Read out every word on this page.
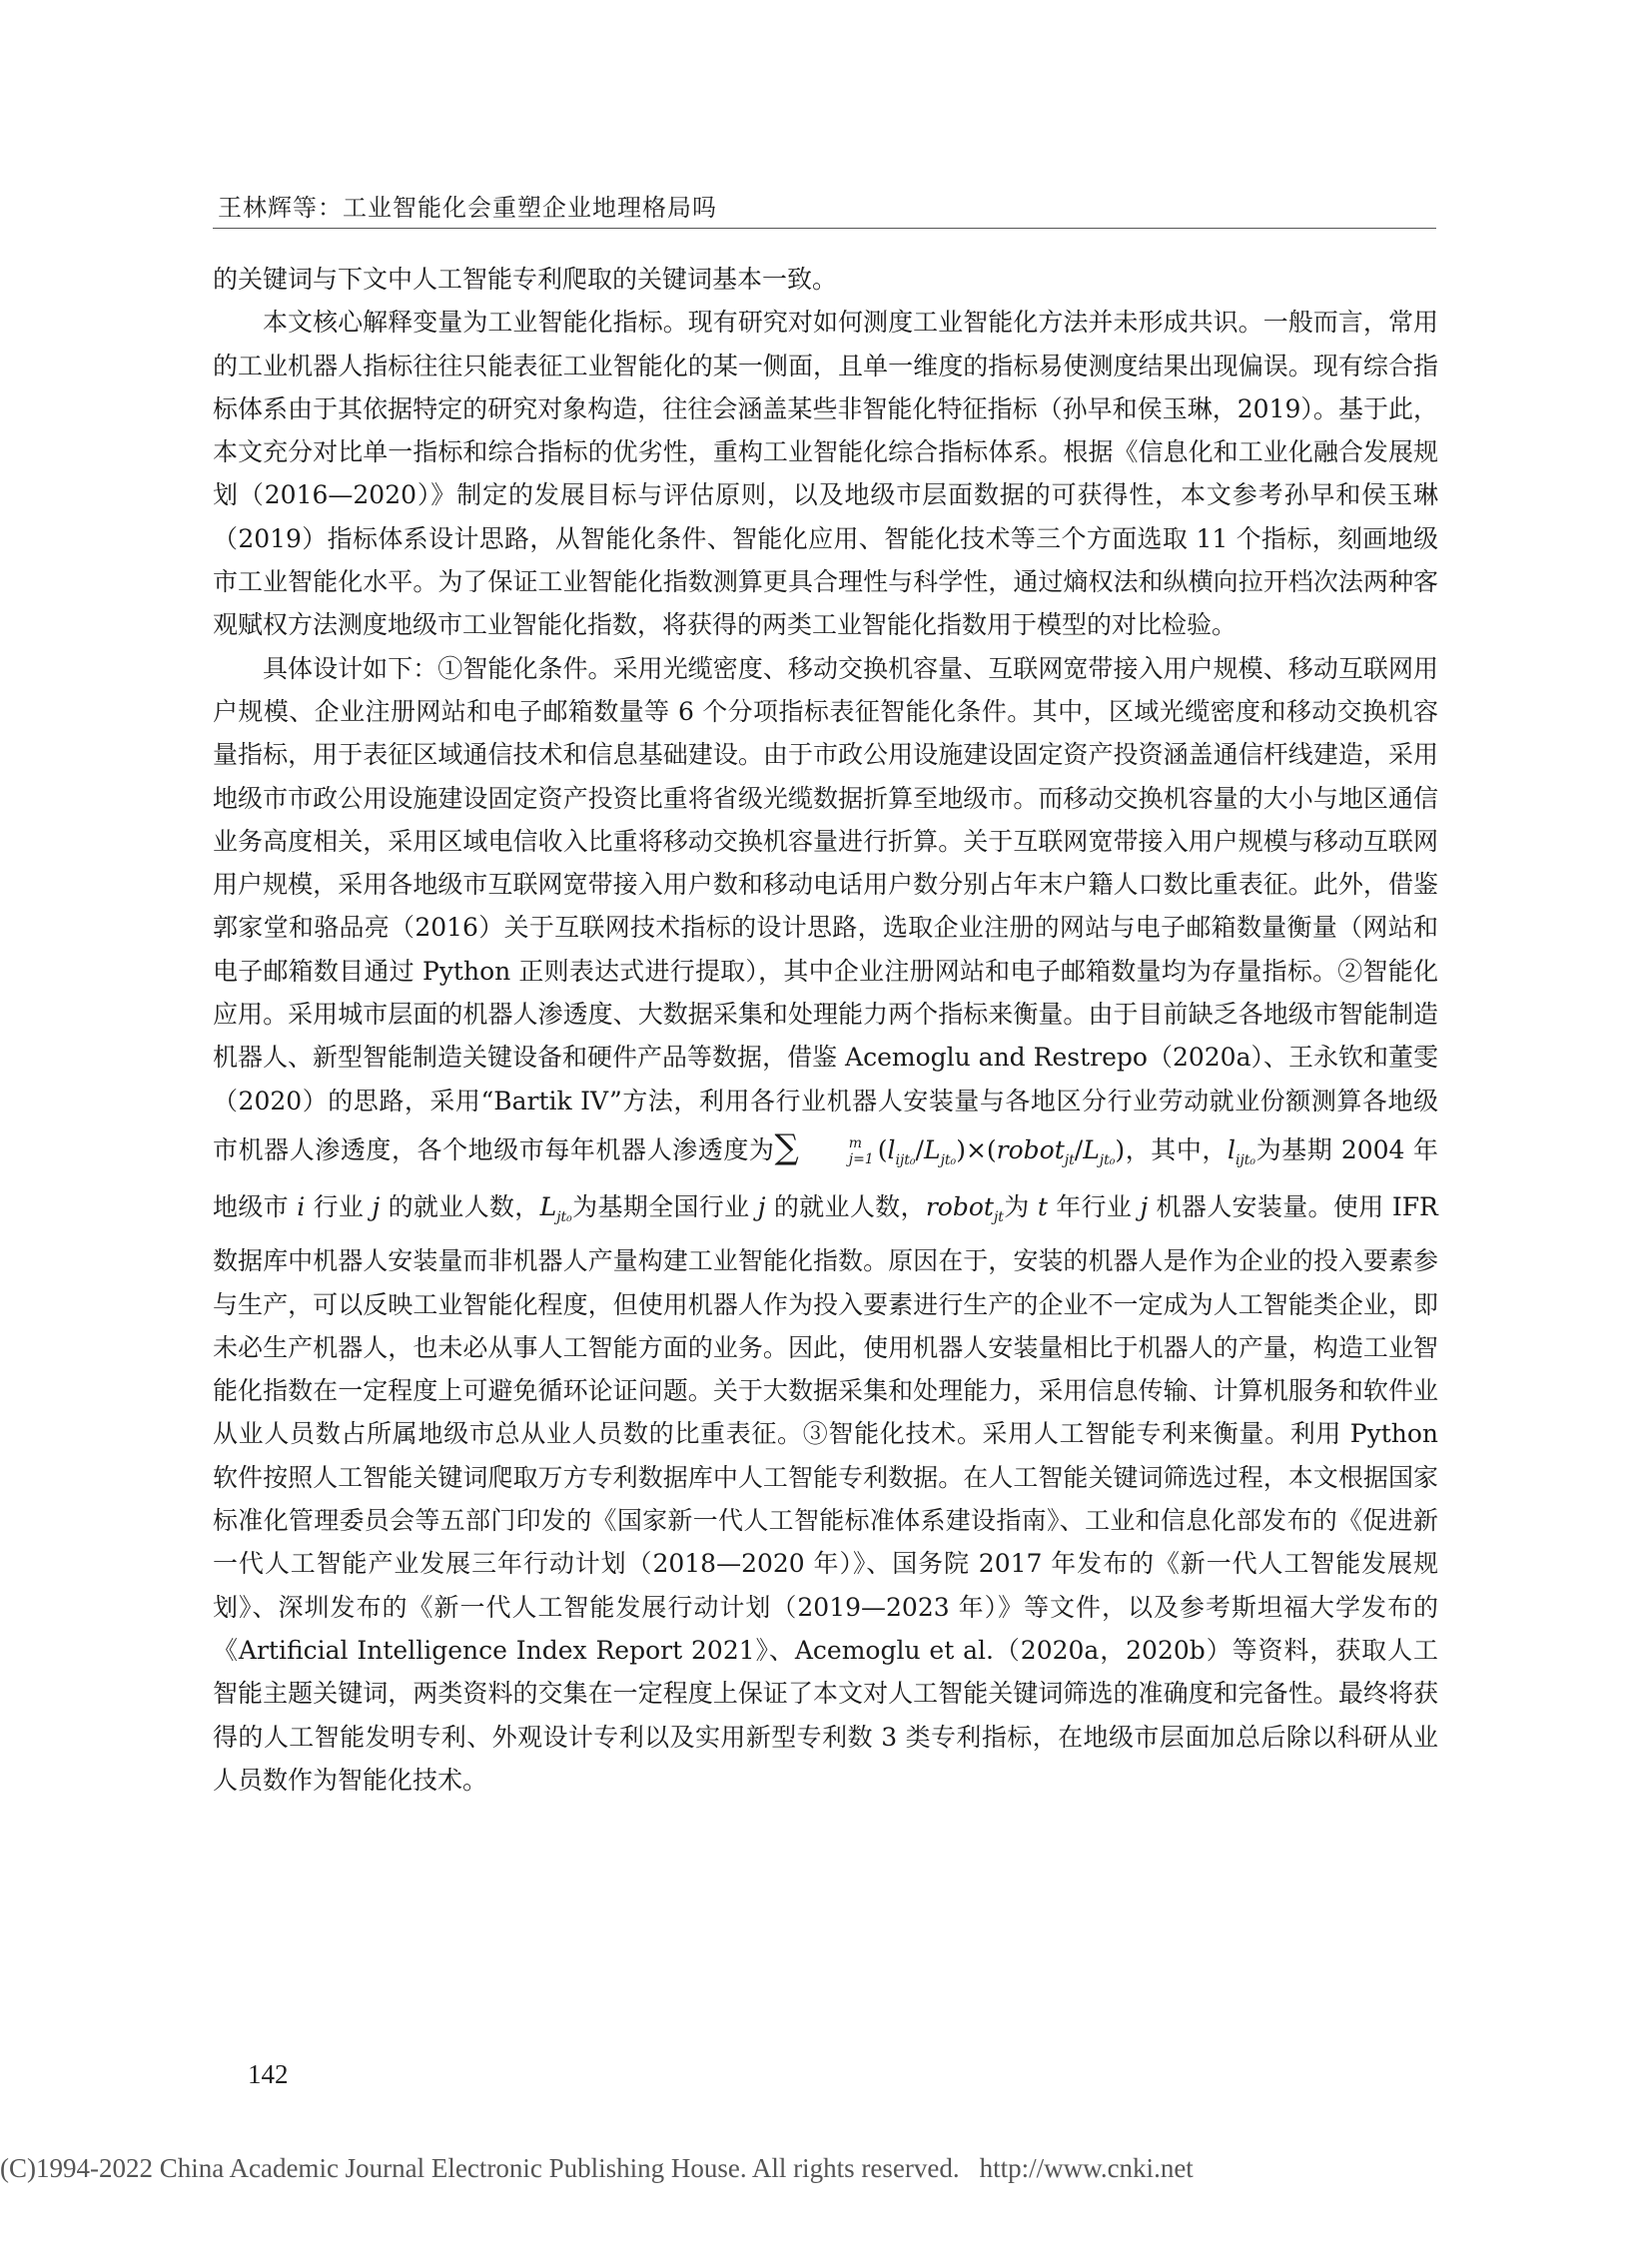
王林辉等：工业智能化会重塑企业地理格局吗

的关键词与下文中人工智能专利爬取的关键词基本一致。

本文核心解释变量为工业智能化指标。现有研究对如何测度工业智能化方法并未形成共识。一般而言，常用的工业机器人指标往往只能表征工业智能化的某一侧面，且单一维度的指标易使测度结果出现偏误。现有综合指标体系由于其依据特定的研究对象构造，往往会涵盖某些非智能化特征指标（孙早和侯玉琳，2019）。基于此，本文充分对比单一指标和综合指标的优劣性，重构工业智能化综合指标体系。根据《信息化和工业化融合发展规划（2016—2020）》制定的发展目标与评估原则，以及地级市层面数据的可获得性，本文参考孙早和侯玉琳（2019）指标体系设计思路，从智能化条件、智能化应用、智能化技术等三个方面选取 11 个指标，刻画地级市工业智能化水平。为了保证工业智能化指数测算更具合理性与科学性，通过熵权法和纵横向拉开档次法两种客观赋权方法测度地级市工业智能化指数，将获得的两类工业智能化指数用于模型的对比检验。

具体设计如下：①智能化条件。采用光缆密度、移动交换机容量、互联网宽带接入用户规模、移动互联网用户规模、企业注册网站和电子邮箱数量等 6 个分项指标表征智能化条件。其中，区域光缆密度和移动交换机容量指标，用于表征区域通信技术和信息基础建设。由于市政公用设施建设固定资产投资涵盖通信杆线建造，采用地级市市政公用设施建设固定资产投资比重将省级光缆数据折算至地级市。而移动交换机容量的大小与地区通信业务高度相关，采用区域电信收入比重将移动交换机容量进行折算。关于互联网宽带接入用户规模与移动互联网用户规模，采用各地级市互联网宽带接入用户数和移动电话用户数分别占年末户籍人口数比重表征。此外，借鉴郭家堂和骆品亮（2016）关于互联网技术指标的设计思路，选取企业注册的网站与电子邮箱数量衡量（网站和电子邮箱数目通过 Python 正则表达式进行提取），其中企业注册网站和电子邮箱数量均为存量指标。②智能化应用。采用城市层面的机器人渗透度、大数据采集和处理能力两个指标来衡量。由于目前缺乏各地级市智能制造机器人、新型智能制造关键设备和硬件产品等数据，借鉴 Acemoglu and Restrepo（2020a）、王永钦和董雯（2020）的思路，采用“Bartik IV”方法，利用各行业机器人安装量与各地区分行业劳动就业份额测算各地级市机器人渗透度，各个地级市每年机器人渗透度为∑	m
j=1 $(l_{ijt_0}/L_{jt_0})\times(robot_{jt}/L_{jt_0})$，其中，$l_{ijt_0}$为基期 2004 年地级市 i 行业 j 的就业人数，$L_{jt_0}$为基期全国行业 j 的就业人数，robot$_{jt}$为 t 年行业 j 机器人安装量。使用 IFR 数据库中机器人安装量而非机器人产量构建工业智能化指数。原因在于，安装的机器人是作为企业的投入要素参与生产，可以反映工业智能化程度，但使用机器人作为投入要素进行生产的企业不一定成为人工智能类企业，即未必生产机器人，也未必从事人工智能方面的业务。因此，使用机器人安装量相比于机器人的产量，构造工业智能化指数在一定程度上可避免循环论证问题。关于大数据采集和处理能力，采用信息传输、计算机服务和软件业从业人员数占所属地级市总从业人员数的比重表征。③智能化技术。采用人工智能专利来衡量。利用 Python 软件按照人工智能关键词爬取万方专利数据库中人工智能专利数据。在人工智能关键词筛选过程，本文根据国家标准化管理委员会等五部门印发的《国家新一代人工智能标准体系建设指南》、工业和信息化部发布的《促进新一代人工智能产业发展三年行动计划（2018—2020 年）》、国务院 2017 年发布的《新一代人工智能发展规划》、深圳发布的《新一代人工智能发展行动计划（2019—2023 年）》等文件，以及参考斯坦福大学发布的《Artificial Intelligence Index Report 2021》、Acemoglu et al.（2020a，2020b）等资料，获取人工智能主题关键词，两类资料的交集在一定程度上保证了本文对人工智能关键词筛选的准确度和完备性。最终将获得的人工智能发明专利、外观设计专利以及实用新型专利数 3 类专利指标，在地级市层面加总后除以科研从业人员数作为智能化技术。

142
(C)1994-2022 China Academic Journal Electronic Publishing House. All rights reserved. http://www.cnki.net
